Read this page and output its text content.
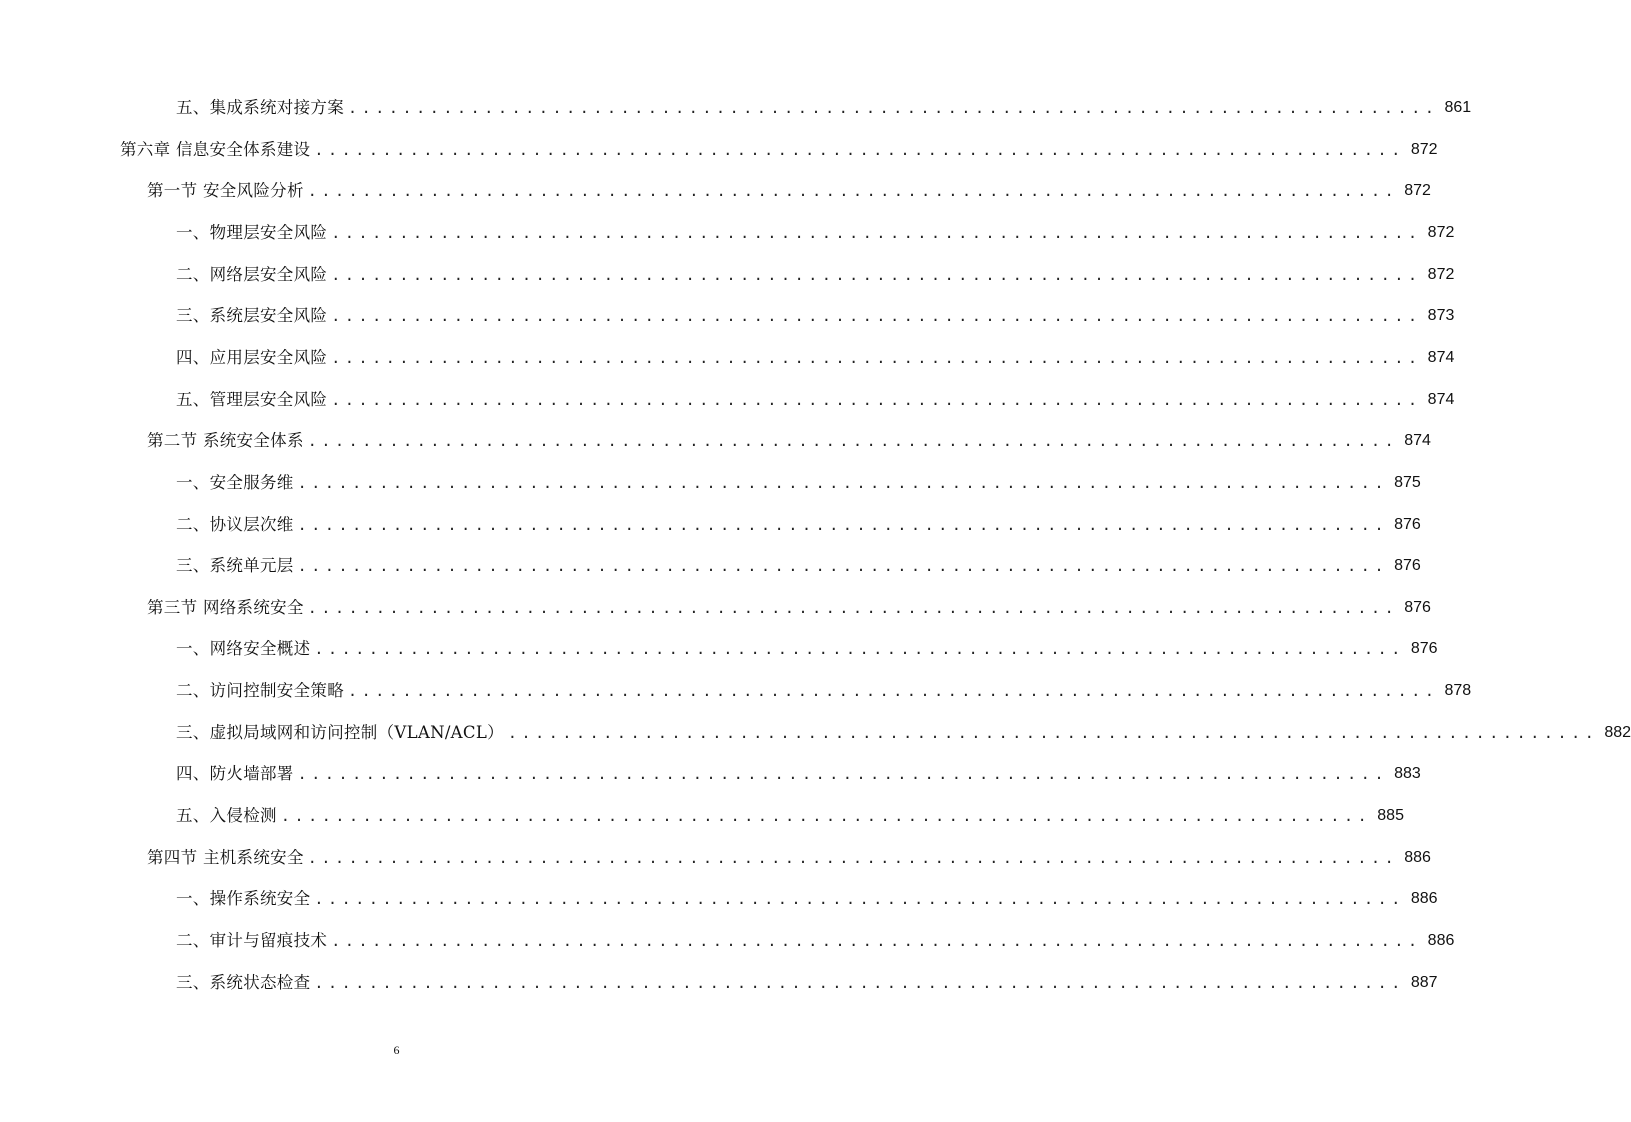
五、集成系统对接方案 ................................................................................ 861
第六章 信息安全体系建设 ................................................................................ 872
第一节 安全风险分析 ................................................................................ 872
一、物理层安全风险 ................................................................................ 872
二、网络层安全风险 ................................................................................ 872
三、系统层安全风险 ................................................................................ 873
四、应用层安全风险 ................................................................................ 874
五、管理层安全风险 ................................................................................ 874
第二节 系统安全体系 ................................................................................ 874
一、安全服务维 ................................................................................ 875
二、协议层次维 ................................................................................ 876
三、系统单元层 ................................................................................ 876
第三节 网络系统安全 ................................................................................ 876
一、网络安全概述 ................................................................................ 876
二、访问控制安全策略 ................................................................................ 878
三、虚拟局域网和访问控制（VLAN/ACL） ................................................................................ 882
四、防火墙部署 ................................................................................ 883
五、入侵检测 ................................................................................ 885
第四节 主机系统安全 ................................................................................ 886
一、操作系统安全 ................................................................................ 886
二、审计与留痕技术 ................................................................................ 886
三、系统状态检查 ................................................................................ 887
6
